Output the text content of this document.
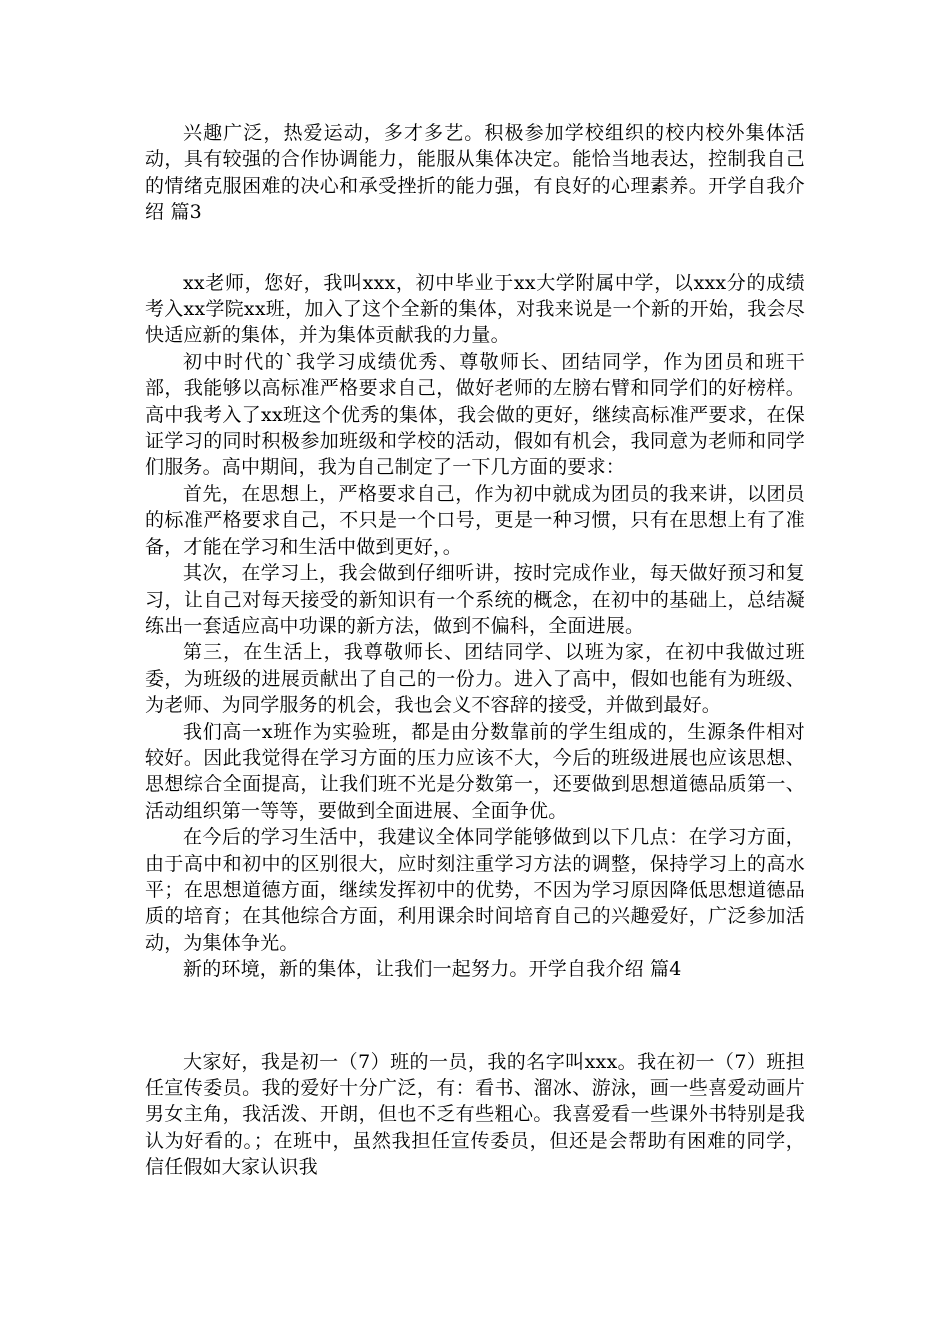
兴趣广泛，热爱运动，多才多艺。积极参加学校组织的校内校外集体活动，具有较强的合作协调能力，能服从集体决定。能恰当地表达，控制我自己的情绪克服困难的决心和承受挫折的能力强，有良好的心理素养。开学自我介绍 篇3

xx老师，您好，我叫xxx，初中毕业于xx大学附属中学，以xxx分的成绩考入xx学院xx班，加入了这个全新的集体，对我来说是一个新的开始，我会尽快适应新的集体，并为集体贡献我的力量。

初中时代的`我学习成绩优秀、尊敬师长、团结同学，作为团员和班干部，我能够以高标准严格要求自己，做好老师的左膀右臂和同学们的好榜样。高中我考入了xx班这个优秀的集体，我会做的更好，继续高标准严要求，在保证学习的同时积极参加班级和学校的活动，假如有机会，我同意为老师和同学们服务。高中期间，我为自己制定了一下几方面的要求：

首先，在思想上，严格要求自己，作为初中就成为团员的我来讲，以团员的标准严格要求自己，不只是一个口号，更是一种习惯，只有在思想上有了准备，才能在学习和生活中做到更好，。

其次，在学习上，我会做到仔细听讲，按时完成作业，每天做好预习和复习，让自己对每天接受的新知识有一个系统的概念，在初中的基础上，总结凝练出一套适应高中功课的新方法，做到不偏科，全面进展。

第三，在生活上，我尊敬师长、团结同学、以班为家，在初中我做过班委，为班级的进展贡献出了自己的一份力。进入了高中，假如也能有为班级、为老师、为同学服务的机会，我也会义不容辞的接受，并做到最好。

我们高一x班作为实验班，都是由分数靠前的学生组成的，生源条件相对较好。因此我觉得在学习方面的压力应该不大，今后的班级进展也应该思想、思想综合全面提高，让我们班不光是分数第一，还要做到思想道德品质第一、活动组织第一等等，要做到全面进展、全面争优。

在今后的学习生活中，我建议全体同学能够做到以下几点：在学习方面，由于高中和初中的区别很大，应时刻注重学习方法的调整，保持学习上的高水平；在思想道德方面，继续发挥初中的优势，不因为学习原因降低思想道德品质的培育；在其他综合方面，利用课余时间培育自己的兴趣爱好，广泛参加活动，为集体争光。

新的环境，新的集体，让我们一起努力。开学自我介绍 篇4

大家好，我是初一（7）班的一员，我的名字叫xxx。我在初一（7）班担任宣传委员。我的爱好十分广泛，有：看书、溜冰、游泳，画一些喜爱动画片男女主角，我活泼、开朗，但也不乏有些粗心。我喜爱看一些课外书特别是我认为好看的。；在班中，虽然我担任宣传委员，但还是会帮助有困难的同学，信任假如大家认识我
